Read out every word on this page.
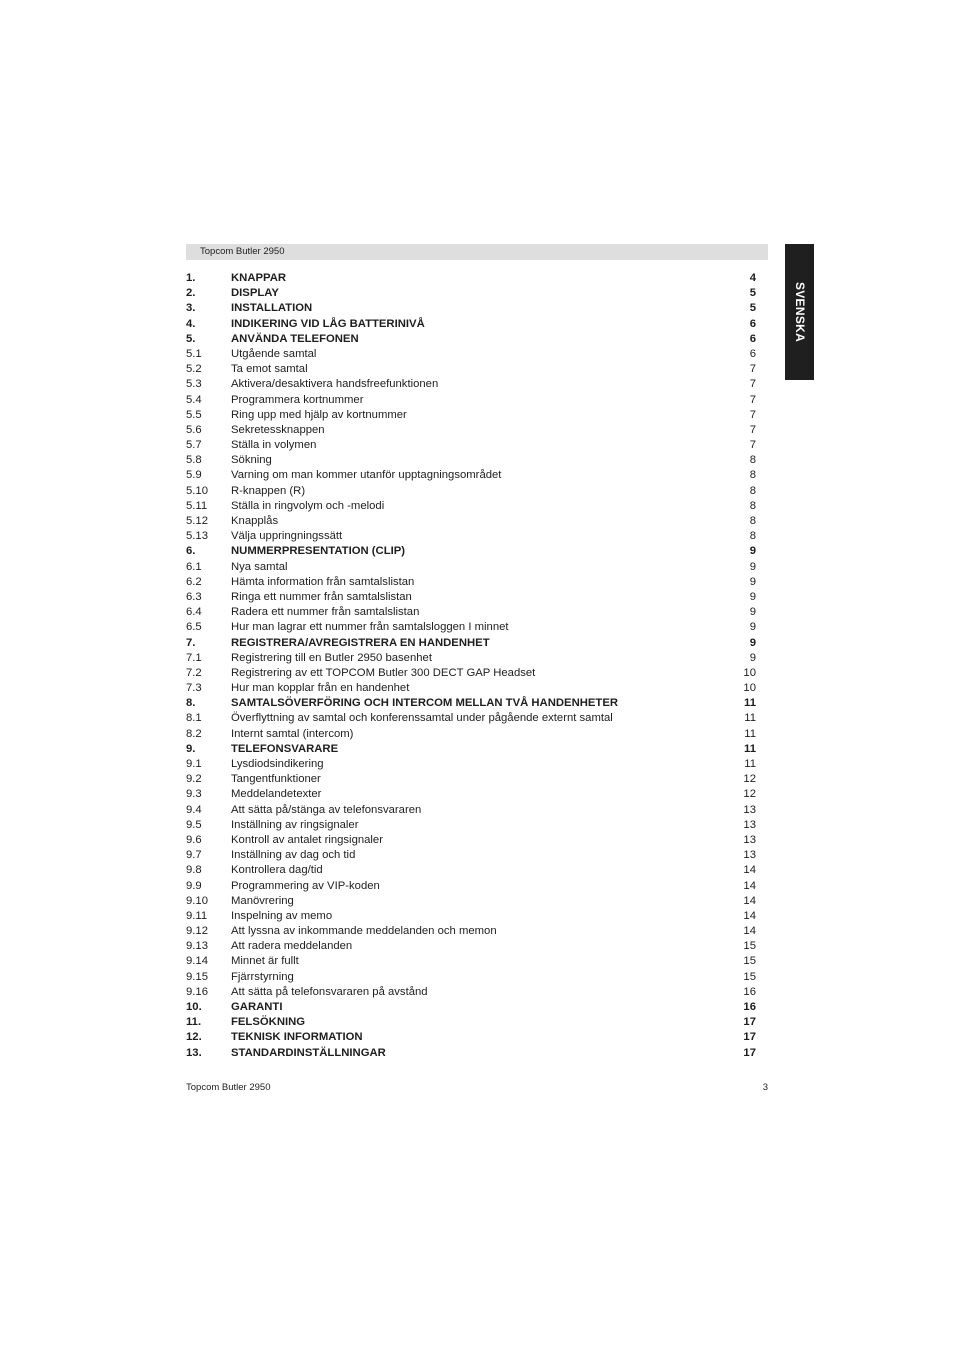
Topcom Butler 2950
SVENSKA
1.	KNAPPAR	4
2.	DISPLAY	5
3.	INSTALLATION	5
4.	INDIKERING VID LÅG BATTERINIVÅ	6
5.	ANVÄNDA TELEFONEN	6
5.1	Utgående samtal	6
5.2	Ta emot samtal	7
5.3	Aktivera/desaktivera handsfreefunktionen	7
5.4	Programmera kortnummer	7
5.5	Ring upp med hjälp av kortnummer	7
5.6	Sekretessknappen	7
5.7	Ställa in volymen	7
5.8	Sökning	8
5.9	Varning om man kommer utanför upptagningsområdet	8
5.10 R-knappen (R)	8
5.11 Ställa in ringvolym och -melodi	8
5.12 Knapplås	8
5.13 Välja uppringningssätt	8
6.	NUMMERPRESENTATION (CLIP)	9
6.1	Nya samtal	9
6.2	Hämta information från samtalslistan	9
6.3	Ringa ett nummer från samtalslistan	9
6.4	Radera ett nummer från samtalslistan	9
6.5	Hur man lagrar ett nummer från samtalsloggen I minnet	9
7.	REGISTRERA/AVREGISTRERA EN HANDENHET	9
7.1	Registrering till en Butler 2950 basenhet	9
7.2	Registrering av ett TOPCOM Butler 300 DECT GAP Headset	10
7.3	Hur man kopplar från en handenhet	10
8.	SAMTALSÖVERFÖRING OCH INTERCOM MELLAN TVÅ HANDENHETER	11
8.1	Överflyttning av samtal och konferenssamtal under pågående externt samtal	11
8.2	Internt samtal (intercom)	11
9.	TELEFONSVARARE	11
9.1	Lysdiodsindikering	11
9.2	Tangentfunktioner	12
9.3	Meddelandetexter	12
9.4	Att sätta på/stänga av telefonsvararen	13
9.5	Inställning av ringsignaler	13
9.6	Kontroll av antalet ringsignaler	13
9.7	Inställning av dag och tid	13
9.8	Kontrollera dag/tid	14
9.9	Programmering av VIP-koden	14
9.10 Manövrering	14
9.11 Inspelning av memo	14
9.12 Att lyssna av inkommande meddelanden och memon	14
9.13 Att radera meddelanden	15
9.14 Minnet är fullt	15
9.15 Fjärrstyrning	15
9.16 Att sätta på telefonsvararen på avstånd	16
10.	GARANTI	16
11.	FELSÖKNING	17
12.	TEKNISK INFORMATION	17
13.	STANDARDINSTÄLLNINGAR	17
Topcom Butler 2950	3
